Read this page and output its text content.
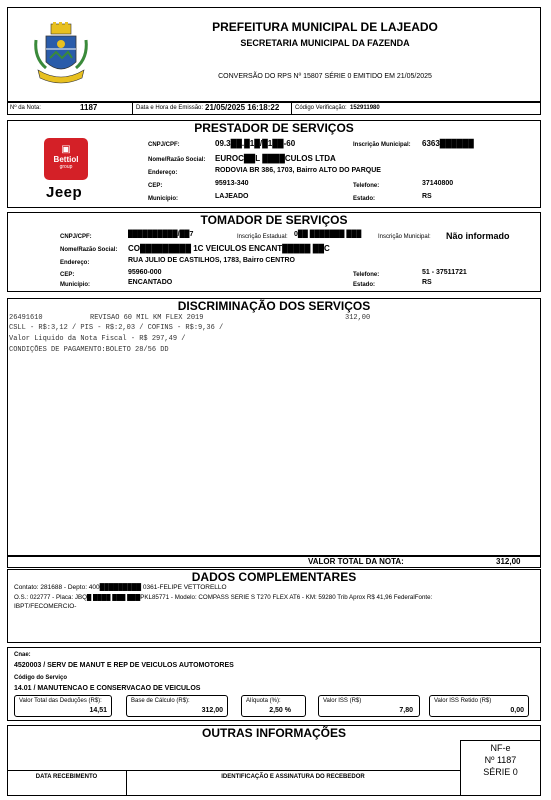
PREFEITURA MUNICIPAL DE LAJEADO
SECRETARIA MUNICIPAL DA FAZENDA
CONVERSÃO DO RPS Nº 15807 SÉRIE 0 EMITIDO EM 21/05/2025
Nº da Nota:	1187	Data e Hora de Emissão: 21/05/2025 16:18:22	Código Verificação: 152911980
PRESTADOR DE SERVIÇOS
▣
Bettiol
group
Jeep
CNPJ/CPF:	09.3██.█1█/█1██-60	Inscrição Municipal: 6363██████
Nome/Razão Social: EUROC██L ████CULOS LTDA
Endereço:	RODOVIA BR 386, 1703, Bairro ALTO DO PARQUE
CEP:	95913-340	Telefone:	37140800
Município:	LAJEADO	Estado:	RS
TOMADOR DE SERVIÇOS
CNPJ/CPF:	██████████/██7	Inscrição Estadual: 0██ ███████ ███	Inscrição Municipal: Não informado
Nome/Razão Social: CO█████████ 1C VEICULOS ENCANT█████ ██C
Endereço:	RUA JULIO DE CASTILHOS, 1783, Bairro CENTRO
CEP:	95960-000	Telefone:	51 - 37511721
Município:	ENCANTADO	Estado:	RS
DISCRIMINAÇÃO DOS SERVIÇOS
26491610	REVISAO 60 MIL KM FLEX 2019	312,00
CSLL - R$:3,12 / PIS - R$:2,03 / COFINS - R$:9,36 /
Valor Liquido da Nota Fiscal - R$ 297,49 /
CONDIÇÕES DE PAGAMENTO:BOLETO 28/56 DD
VALOR TOTAL DA NOTA:	312,00
DADOS COMPLEMENTARES
Contato: 281688 - Depto: 400█████████ 0361-FELIPE VETTORELLO
O.S.: 022777 - Placa: JBQ█ ████ ███ ███PKL85771 - Modelo: COMPASS SERIE S T270 FLEX AT6 - KM: 59280 Trib Aprox R$ 41,96 FederalFonte:
IBPT/FECOMERCIO-
Cnae:
4520003 / SERV DE MANUT E REP DE VEICULOS AUTOMOTORES
Código do Serviço
14.01 / MANUTENCAO E CONSERVACAO DE VEICULOS
Valor Total das Deduções (R$):
14,51
Base de Cálculo (R$):
312,00
Alíquota (%):
2,50 %
Valor ISS (R$)
7,80
Valor ISS Retido (R$)
0,00
OUTRAS INFORMAÇÕES
NF-e
Nº 1187
SÉRIE 0
DATA RECEBIMENTO	IDENTIFICAÇÃO E ASSINATURA DO RECEBEDOR
